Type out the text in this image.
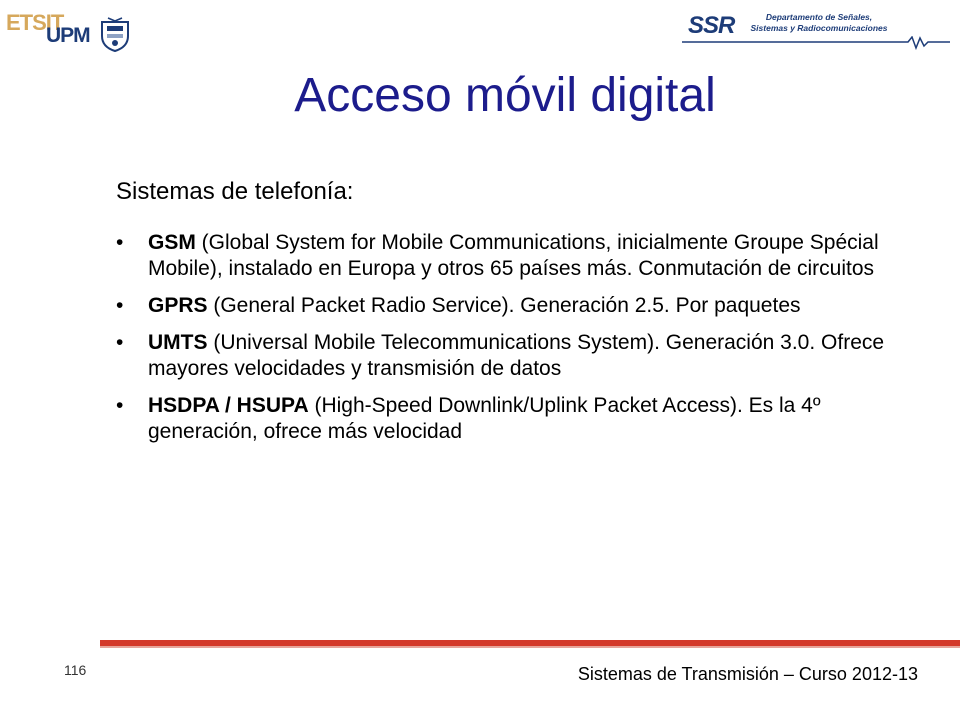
ETSIT
UPM	SSR	Departamento de Señales,
Sistemas y Radiocomunicaciones
Acceso móvil digital
Sistemas de telefonía:
• GSM (Global System for Mobile Communications, inicialmente Groupe Spécial Mobile), instalado en Europa y otros 65 países más. Conmutación de circuitos
• GPRS (General Packet Radio Service). Generación 2.5. Por paquetes
• UMTS (Universal Mobile Telecommunications System). Generación 3.0. Ofrece mayores velocidades y transmisión de datos
• HSDPA / HSUPA (High-Speed Downlink/Uplink Packet Access). Es la 4º generación, ofrece más velocidad
116	Sistemas de Transmisión – Curso 2012-13
